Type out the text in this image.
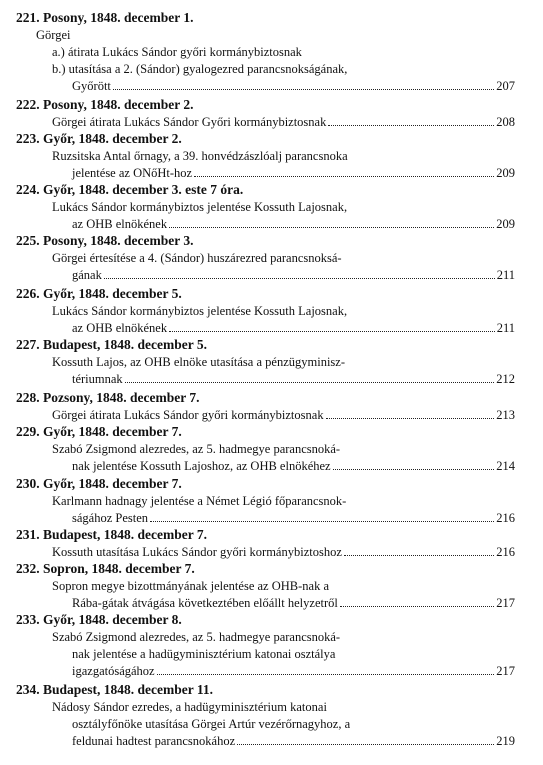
221. Posony, 1848. december 1.
Görgei
a.) átirata Lukács Sándor győri kormánybiztosnak
b.) utasítása a 2. (Sándor) gyalogezred parancsnokságának,
Győrött	207
222. Posony, 1848. december 2.
Görgei átirata Lukács Sándor Győri kormánybiztosnak	208
223. Győr, 1848. december 2.
Ruzsitska Antal őrnagy, a 39. honvédzászlóalj parancsnoka
jelentése az ONőHt-hoz	209
224. Győr, 1848. december 3. este 7 óra.
Lukács Sándor kormánybiztos jelentése Kossuth Lajosnak,
az OHB elnökének	209
225. Posony, 1848. december 3.
Görgei értesítése a 4. (Sándor) huszárezred parancsnoksá-
gának	211
226. Győr, 1848. december 5.
Lukács Sándor kormánybiztos jelentése Kossuth Lajosnak,
az OHB elnökének	211
227. Budapest, 1848. december 5.
Kossuth Lajos, az OHB elnöke utasítása a pénzügyminisz-
tériumnak	212
228. Pozsony, 1848. december 7.
Görgei átirata Lukács Sándor győri kormánybiztosnak	213
229. Győr, 1848. december 7.
Szabó Zsigmond alezredes, az 5. hadmegye parancsnoká-
nak jelentése Kossuth Lajoshoz, az OHB elnökéhez	214
230. Győr, 1848. december 7.
Karlmann hadnagy jelentése a Német Légió főparancsnok-
ságához Pesten	216
231. Budapest, 1848. december 7.
Kossuth utasítása Lukács Sándor győri kormánybiztoshoz	216
232. Sopron, 1848. december 7.
Sopron megye bizottmányának jelentése az OHB-nak a
Rába-gátak átvágása következtében előállt helyzetről	217
233. Győr, 1848. december 8.
Szabó Zsigmond alezredes, az 5. hadmegye parancsnoká-
nak jelentése a hadügyminisztérium katonai osztálya
igazgatóságához	217
234. Budapest, 1848. december 11.
Nádosy Sándor ezredes, a hadügyminisztérium katonai
osztályfőnöke utasítása Görgei Artúr vezérőrnagyhoz, a
feldunai hadtest parancsnokához	219
